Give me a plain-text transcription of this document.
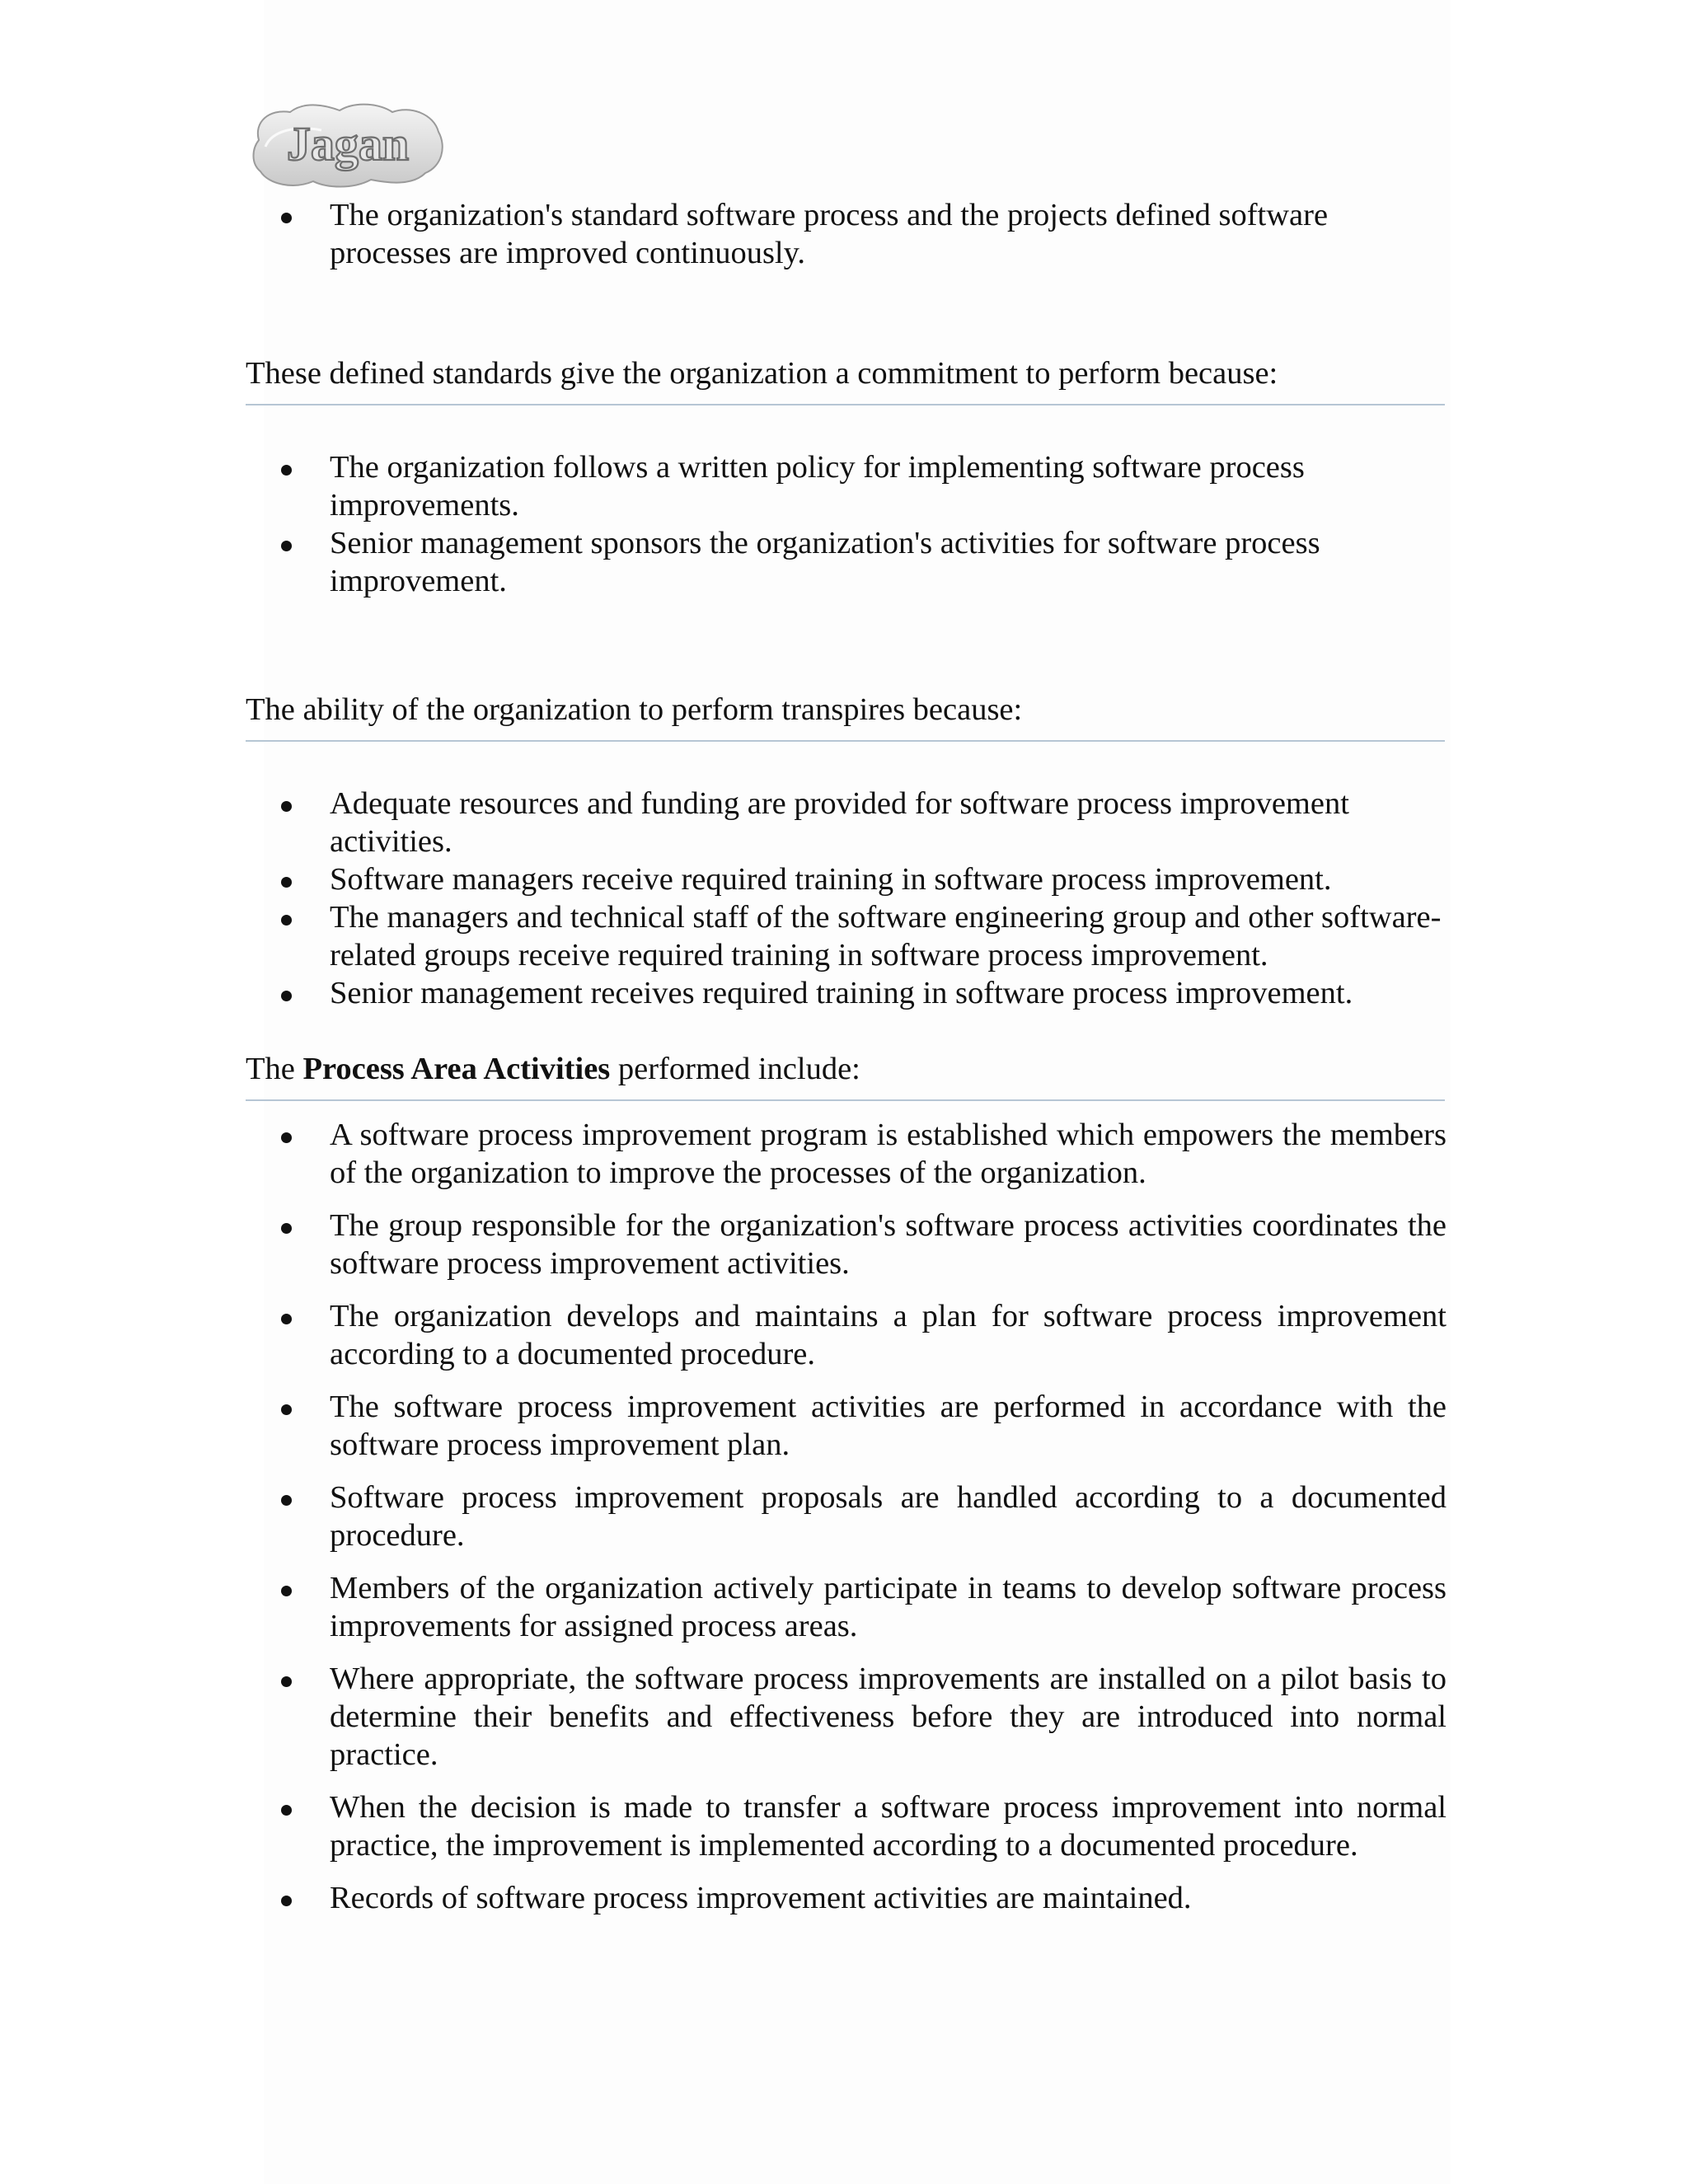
Jagan
The organization's standard software process and the projects defined software processes are improved continuously.
These defined standards give the organization a commitment to perform because:
The organization follows a written policy for implementing software process improvements.
Senior management sponsors the organization's activities for software process improvement.
The ability of the organization to perform transpires because:
Adequate resources and funding are provided for software process improvement activities.
Software managers receive required training in software process improvement.
The managers and technical staff of the software engineering group and other software-related groups receive required training in software process improvement.
Senior management receives required training in software process improvement.
The Process Area Activities performed include:
A software process improvement program is established which empowers the members of the organization to improve the processes of the organization.
The group responsible for the organization's software process activities coordinates the software process improvement activities.
The organization develops and maintains a plan for software process improvement according to a documented procedure.
The software process improvement activities are performed in accordance with the software process improvement plan.
Software process improvement proposals are handled according to a documented procedure.
Members of the organization actively participate in teams to develop software process improvements for assigned process areas.
Where appropriate, the software process improvements are installed on a pilot basis to determine their benefits and effectiveness before they are introduced into normal practice.
When the decision is made to transfer a software process improvement into normal practice, the improvement is implemented according to a documented procedure.
Records of software process improvement activities are maintained.
